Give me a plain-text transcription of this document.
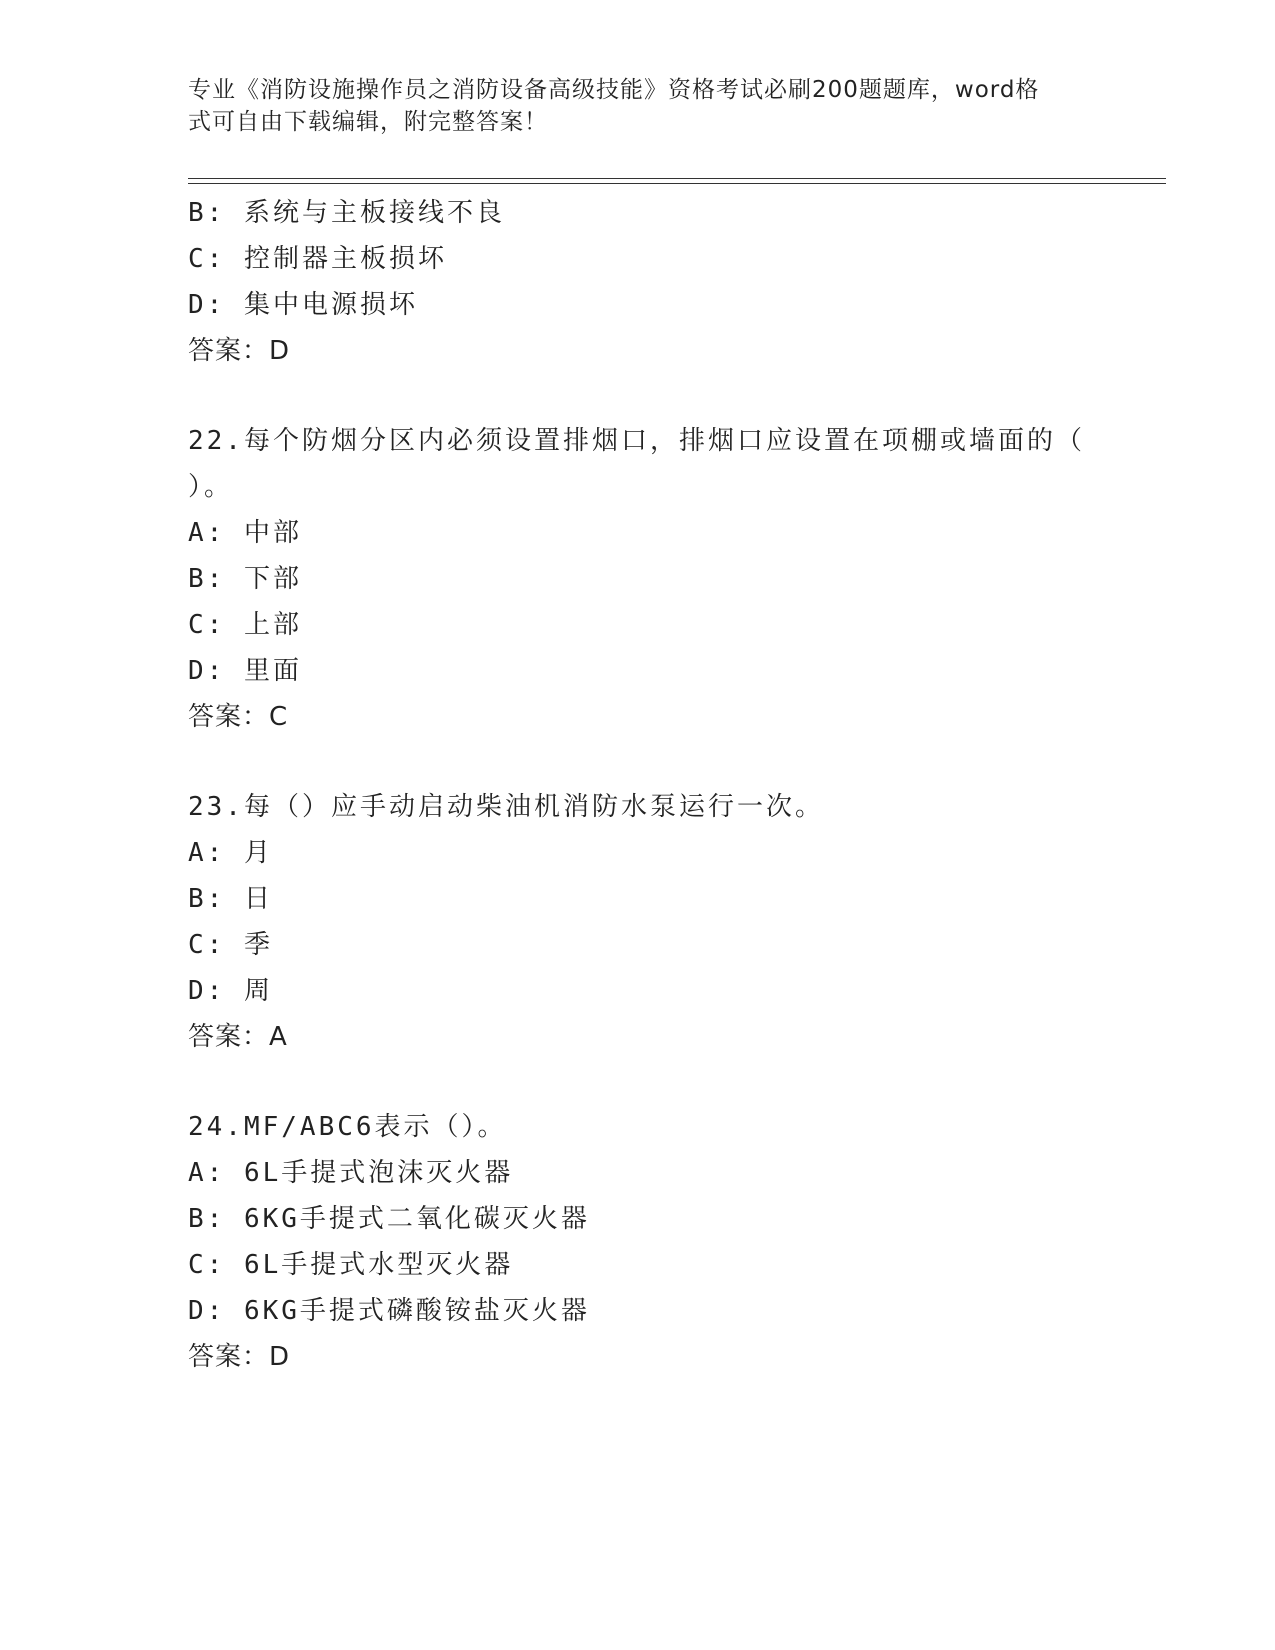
专业《消防设施操作员之消防设备高级技能》资格考试必刷200题题库，word格
式可自由下载编辑，附完整答案！
B: 系统与主板接线不良
C: 控制器主板损坏
D: 集中电源损坏
答案：D
22.每个防烟分区内必须设置排烟口，排烟口应设置在项棚或墙面的（
）。
A: 中部
B: 下部
C: 上部
D: 里面
答案：C
23.每（）应手动启动柴油机消防水泵运行一次。
A: 月
B: 日
C: 季
D: 周
答案：A
24.MF/ABC6表示（）。
A: 6L手提式泡沫灭火器
B: 6KG手提式二氧化碳灭火器
C: 6L手提式水型灭火器
D: 6KG手提式磷酸铵盐灭火器
答案：D
